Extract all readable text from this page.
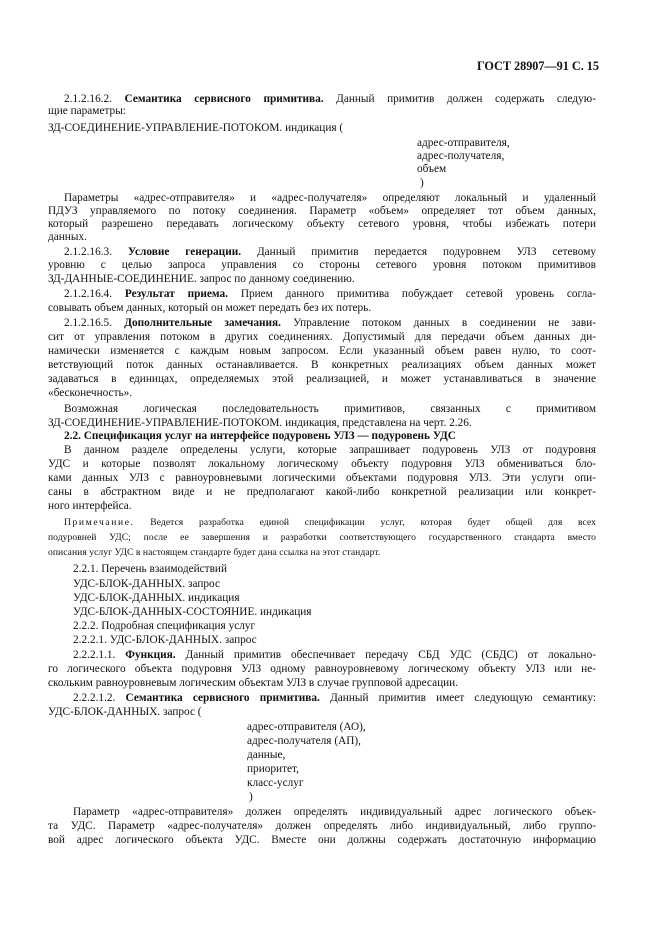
ГОСТ 28907—91 С. 15
2.1.2.16.2. Семантика сервисного примитива. Данный примитив должен содержать следую-
щие параметры:
ЗД-СОЕДИНЕНИЕ-УПРАВЛЕНИЕ-ПОТОКОМ. индикация (
адрес-отправителя,
адрес-получателя,
объем
)
Параметры «адрес-отправителя» и «адрес-получателя» определяют локальный и удаленный
ПДУЗ управляемого по потоку соединения. Параметр «объем» определяет тот объем данных,
который разрешено передавать логическому объекту сетевого уровня, чтобы избежать потери
данных.
2.1.2.16.3. Условие генерации. Данный примитив передается подуровнем УЛЗ сетевому
уровню с целью запроса управления со стороны сетевого уровня потоком примитивов
ЗД-ДАННЫЕ-СОЕДИНЕНИЕ. запрос по данному соединению.
2.1.2.16.4. Результат приема. Прием данного примитива побуждает сетевой уровень согла-
совывать объем данных, который он может передать без их потерь.
2.1.2.16.5. Дополнительные замечания. Управление потоком данных в соединении не зави-
сит от управления потоком в других соединениях. Допустимый для передачи объем данных ди-
намически изменяется с каждым новым запросом. Если указанный объем равен нулю, то соот-
ветствующий поток данных останавливается. В конкретных реализациях объем данных может
задаваться в единицах, определяемых этой реализацией, и может устанавливаться в значение
«бесконечность».
Возможная логическая последовательность примитивов, связанных с примитивом
ЗД-СОЕДИНЕНИЕ-УПРАВЛЕНИЕ-ПОТОКОМ. индикация, представлена на черт. 2.26.
2.2. Спецификация услуг на интерфейсе подуровень УЛЗ — подуровень УДС
В данном разделе определены услуги, которые запрашивает подуровень УЛЗ от подуровня
УДС и которые позволят локальному логическому объекту подуровня УЛЗ обмениваться бло-
ками данных УЛЗ с равноуровневыми логическими объектами подуровня УЛЗ. Эти услуги опи-
саны в абстрактном виде и не предполагают какой-либо конкретной реализации или конкрет-
ного интерфейса.
Примечание. Ведется разработка единой спецификации услуг, которая будет общей для всех
подуровней УДС; после ее завершения и разработки соответствующего государственного стандарта вместо
описания услуг УДС в настоящем стандарте будет дана ссылка на этот стандарт.
2.2.1. Перечень взаимодействий
УДС-БЛОК-ДАННЫХ. запрос
УДС-БЛОК-ДАННЫХ. индикация
УДС-БЛОК-ДАННЫХ-СОСТОЯНИЕ. индикация
2.2.2. Подробная спецификация услуг
2.2.2.1. УДС-БЛОК-ДАННЫХ. запрос
2.2.2.1.1. Функция. Данный примитив обеспечивает передачу СБД УДС (СБДС) от локально-
го логического объекта подуровня УЛЗ одному равноуровневому логическому объекту УЛЗ или не-
скольким равноуровневым логическим объектам УЛЗ в случае групповой адресации.
2.2.2.1.2. Семантика сервисного примитива. Данный примитив имеет следующую семантику:
УДС-БЛОК-ДАННЫХ. запрос (
адрес-отправителя (АО),
адрес-получателя (АП),
данные,
приоритет,
класс-услуг
)
Параметр «адрес-отправителя» должен определять индивидуальный адрес логического объек-
та УДС. Параметр «адрес-получателя» должен определять либо индивидуальный, либо группо-
вой адрес логического объекта УДС. Вместе они должны содержать достаточную информацию
